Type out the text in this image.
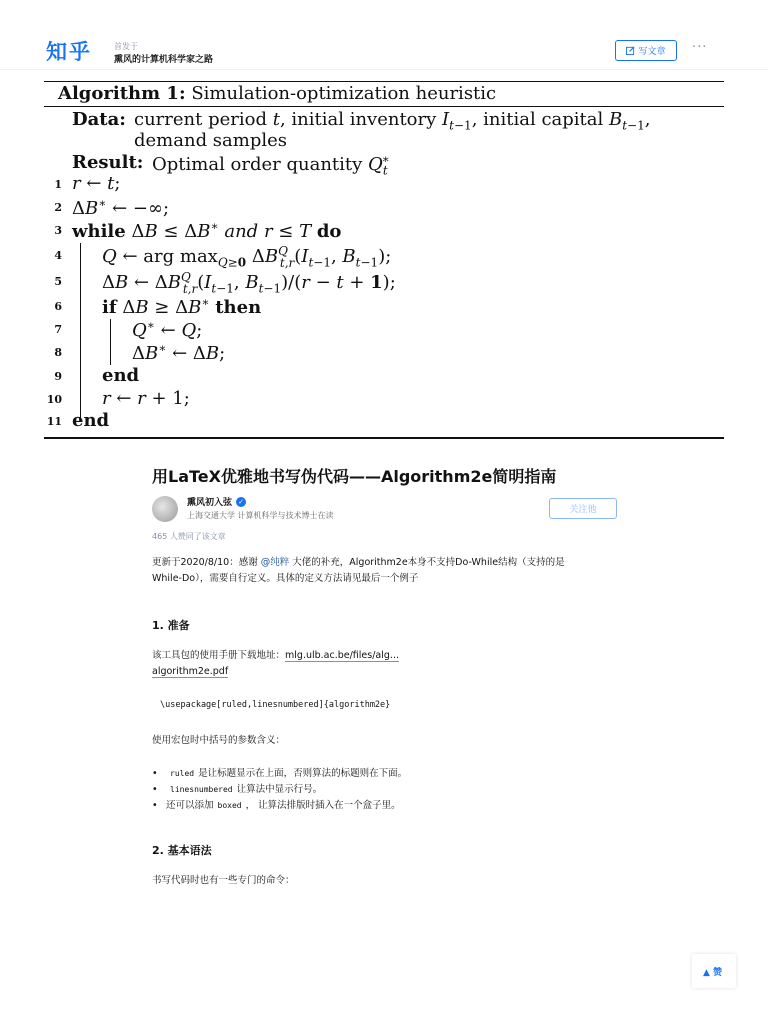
知乎	首发于
熏风的计算机科学家之路
写文章 ···
Algorithm 1: Simulation-optimization heuristic
Data: current period t, initial inventory $I_{t-1}$, initial capital $B_{t-1}$,
demand samples
Result: Optimal order quantity $Q_t^∗$
1
2
3
4
5
6
7
8
9
10
11
r ← t;
ΔB∗ ← −∞;
while ΔB ≤ ΔB∗ and r ≤ T do
Q ← arg $\max_{Q\ge 0} \Delta B^Q_{t,r}(I_{t-1}$, $B_{t-1}$);
ΔB ← $\Delta B^Q_{t,r}(I_{t-1}$, $B_{t-1})/(r - t + 1)$;
if ΔB ≥ ΔB∗ then
Q∗ ← Q;
ΔB∗ ← ΔB;
end
r ← r + 1;
end
用LaTeX优雅地书写伪代码——Algorithm2e简明指南
熏风初入弦 ✓
上海交通大学 计算机科学与技术博士在读
关注他
465 人赞同了该文章
更新于2020/8/10：感谢 @纯粹 大佬的补充，Algorithm2e本身不支持Do-While结构（支持的是
While-Do），需要自行定义。具体的定义方法请见最后一个例子
1. 准备
该工具包的使用手册下载地址：mlg.ulb.ac.be/files/alg...
algorithm2e.pdf
\usepackage[ruled,linesnumbered]{algorithm2e}
使用宏包时中括号的参数含义：
• ruled 是让标题显示在上面，否则算法的标题则在下面。
• linesnumbered 让算法中显示行号。
• 还可以添加 boxed ， 让算法排版时插入在一个盒子里。
2. 基本语法
书写代码时也有一些专门的命令：
▲ 赞
